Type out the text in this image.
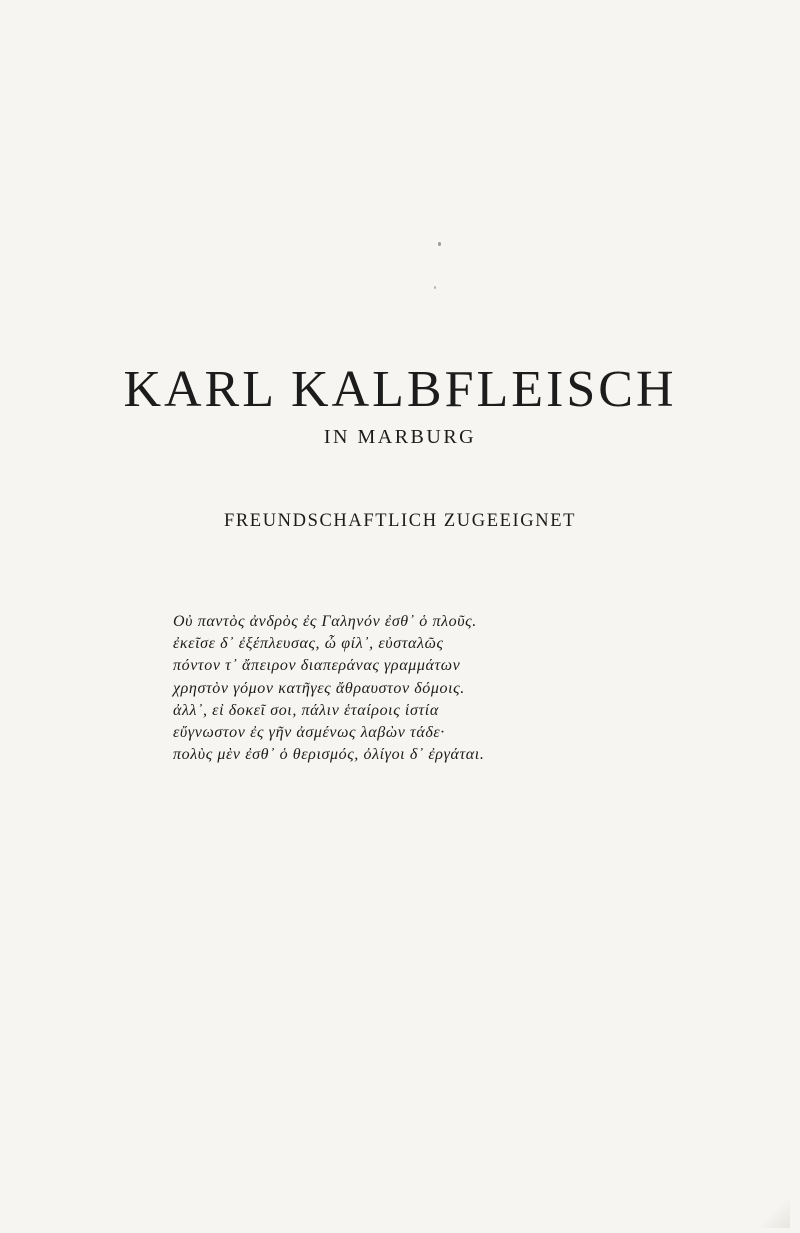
KARL KALBFLEISCH
IN MARBURG
FREUNDSCHAFTLICH ZUGEEIGNET
Οὐ παντὸς ἀνδρὸς ἐς Γαληνόν ἐσθ᾽ ὁ πλοῦς.
ἐκεῖσε δ᾽ ἐξέπλευσας, ὦ φίλ᾽, εὐσταλῶς
πόντον τ᾽ ἄπειρον διαπεράνας γραμμάτων
χρηστὸν γόμον κατῆγες ἄθραυστον δόμοις.
ἀλλ᾽, εἰ δοκεῖ σοι, πάλιν ἑταίροις ἱστία
εὔγνωστον ἐς γῆν ἀσμένως λαβὼν τάδε·
πολὺς μὲν ἐσθ᾽ ὁ θερισμός, ὀλίγοι δ᾽ ἐργάται.
